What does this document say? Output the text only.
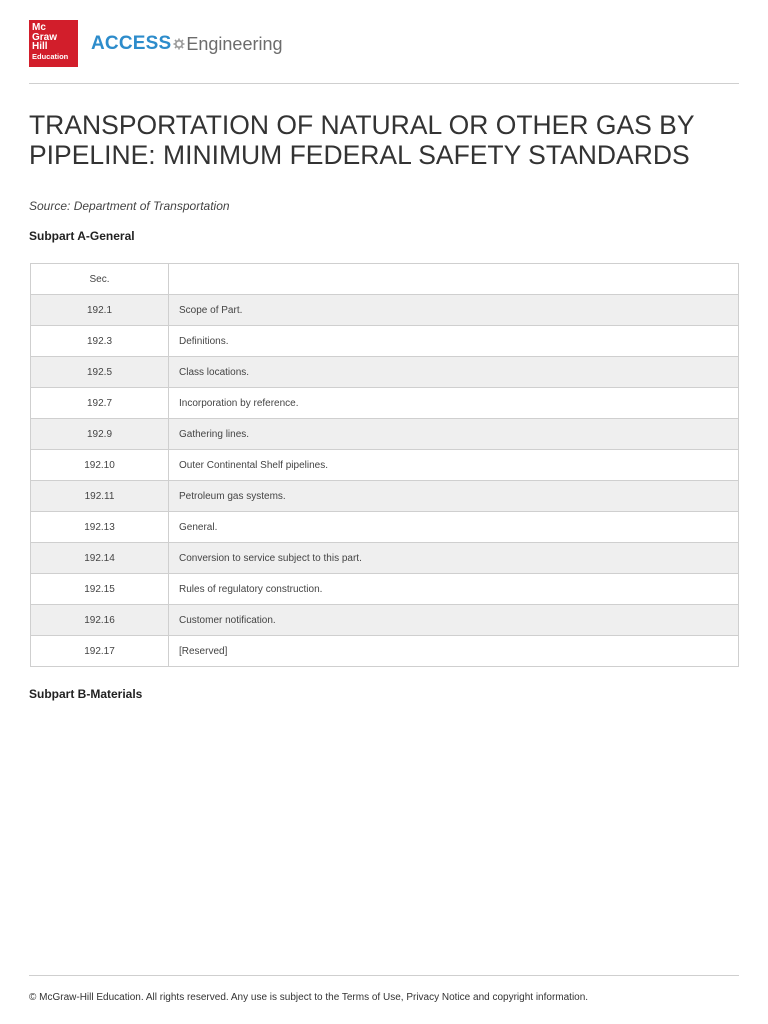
Mc
Graw
Hill
Education
ACCESS Engineering
TRANSPORTATION OF NATURAL OR OTHER GAS BY PIPELINE: MINIMUM FEDERAL SAFETY STANDARDS
Source: Department of Transportation
Subpart A-General
Sec.	
192.1	Scope of Part.
192.3	Definitions.
192.5	Class locations.
192.7	Incorporation by reference.
192.9	Gathering lines.
192.10	Outer Continental Shelf pipelines.
192.11	Petroleum gas systems.
192.13	General.
192.14	Conversion to service subject to this part.
192.15	Rules of regulatory construction.
192.16	Customer notification.
192.17	[Reserved]
Subpart B-Materials
© McGraw-Hill Education. All rights reserved. Any use is subject to the Terms of Use, Privacy Notice and copyright information.
